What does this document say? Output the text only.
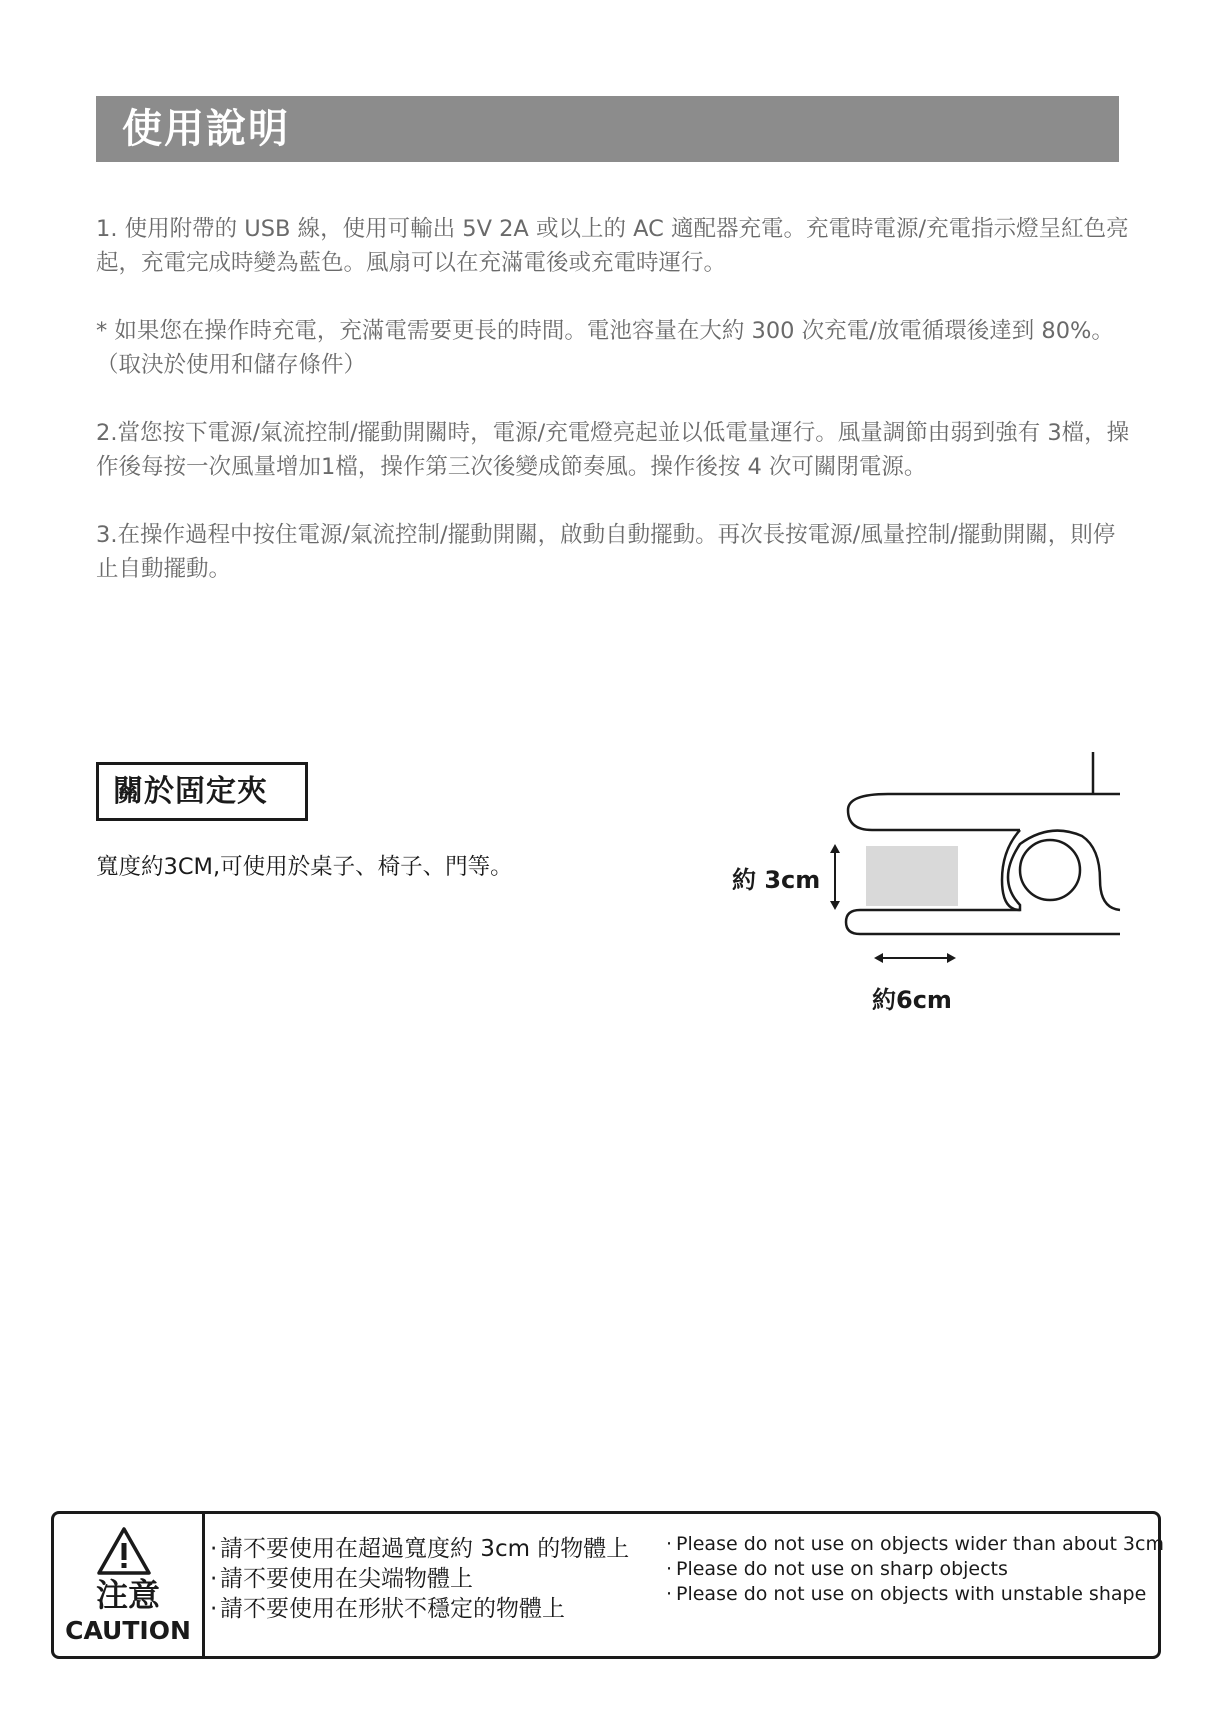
使用說明

1. 使用附帶的 USB 線，使用可輸出 5V 2A 或以上的 AC 適配器充電。充電時電源/充電指示燈呈紅色亮起，充電完成時變為藍色。風扇可以在充滿電後或充電時運行。

* 如果您在操作時充電，充滿電需要更長的時間。電池容量在大約 300 次充電/放電循環後達到 80%。（取決於使用和儲存條件）

2.當您按下電源/氣流控制/擺動開關時，電源/充電燈亮起並以低電量運行。風量調節由弱到強有 3檔，操作後每按一次風量增加1檔，操作第三次後變成節奏風。操作後按 4 次可關閉電源。

3.在操作過程中按住電源/氣流控制/擺動開關，啟動自動擺動。再次長按電源/風量控制/擺動開關，則停止自動擺動。

關於固定夾

寬度約3CM,可使用於桌子、椅子、門等。	約 3cm
約6cm
注意
CAUTION
· 請不要使用在超過寬度約 3cm 的物體上
· 請不要使用在尖端物體上
· 請不要使用在形狀不穩定的物體上
· Please do not use on objects wider than about 3cm
· Please do not use on sharp objects
· Please do not use on objects with unstable shape
